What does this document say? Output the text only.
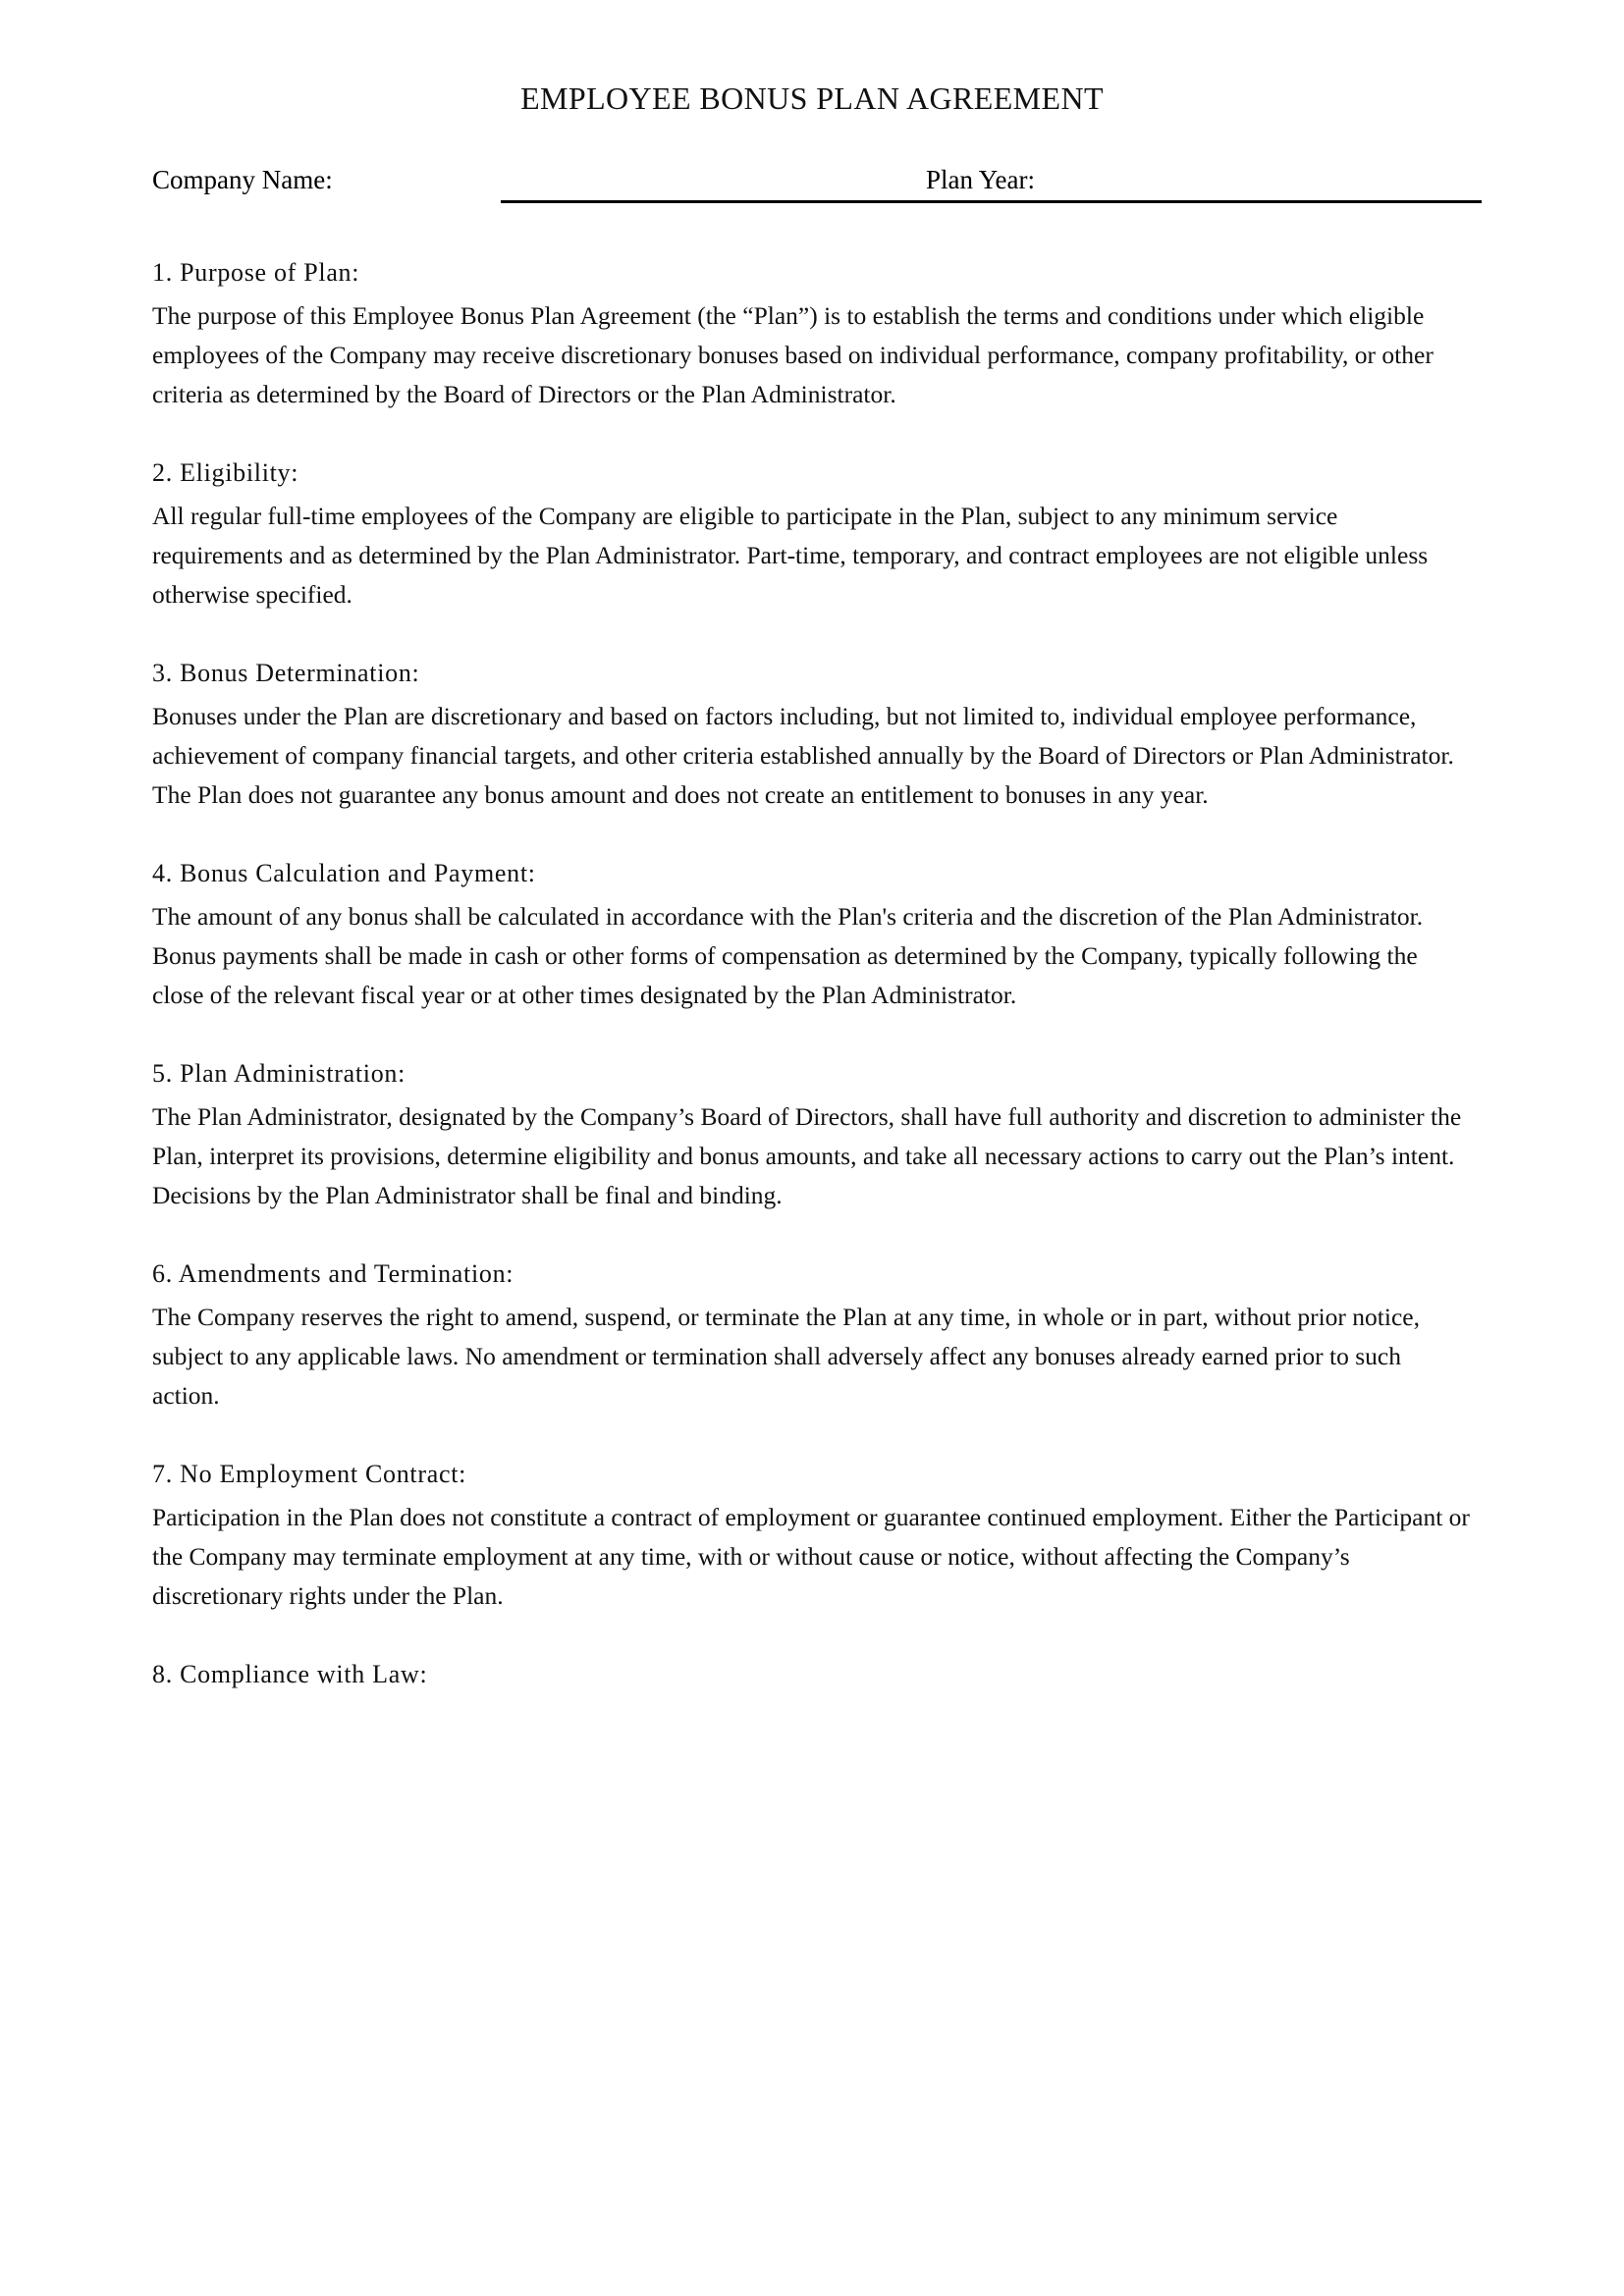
EMPLOYEE BONUS PLAN AGREEMENT
Company Name:	Plan Year:
1. Purpose of Plan:

The purpose of this Employee Bonus Plan Agreement (the “Plan”) is to establish the terms and conditions under which eligible employees of the Company may receive discretionary bonuses based on individual performance, company profitability, or other criteria as determined by the Board of Directors or the Plan Administrator.

2. Eligibility:

All regular full-time employees of the Company are eligible to participate in the Plan, subject to any minimum service requirements and as determined by the Plan Administrator. Part-time, temporary, and contract employees are not eligible unless otherwise specified.

3. Bonus Determination:

Bonuses under the Plan are discretionary and based on factors including, but not limited to, individual employee performance, achievement of company financial targets, and other criteria established annually by the Board of Directors or Plan Administrator. The Plan does not guarantee any bonus amount and does not create an entitlement to bonuses in any year.

4. Bonus Calculation and Payment:

The amount of any bonus shall be calculated in accordance with the Plan's criteria and the discretion of the Plan Administrator. Bonus payments shall be made in cash or other forms of compensation as determined by the Company, typically following the close of the relevant fiscal year or at other times designated by the Plan Administrator.

5. Plan Administration:

The Plan Administrator, designated by the Company’s Board of Directors, shall have full authority and discretion to administer the Plan, interpret its provisions, determine eligibility and bonus amounts, and take all necessary actions to carry out the Plan’s intent. Decisions by the Plan Administrator shall be final and binding.

6. Amendments and Termination:

The Company reserves the right to amend, suspend, or terminate the Plan at any time, in whole or in part, without prior notice, subject to any applicable laws. No amendment or termination shall adversely affect any bonuses already earned prior to such action.

7. No Employment Contract:

Participation in the Plan does not constitute a contract of employment or guarantee continued employment. Either the Participant or the Company may terminate employment at any time, with or without cause or notice, without affecting the Company’s discretionary rights under the Plan.

8. Compliance with Law:
